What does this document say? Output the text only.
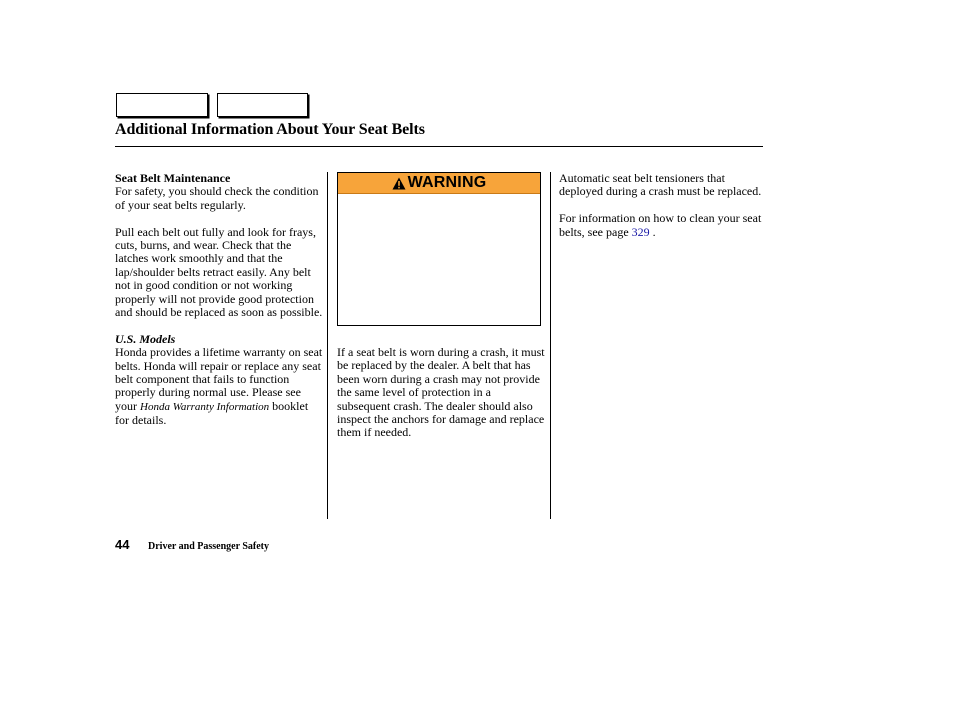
Additional Information About Your Seat Belts

Seat Belt Maintenance
For safety, you should check the condition of your seat belts regularly.

Pull each belt out fully and look for frays, cuts, burns, and wear. Check that the latches work smoothly and that the lap/shoulder belts retract easily. Any belt not in good condition or not working properly will not provide good protection and should be replaced as soon as possible.

U.S. Models
Honda provides a lifetime warranty on seat belts. Honda will repair or replace any seat belt component that fails to function properly during normal use. Please see your Honda Warranty Information booklet for details.

WARNING

If a seat belt is worn during a crash, it must be replaced by the dealer. A belt that has been worn during a crash may not provide the same level of protection in a subsequent crash. The dealer should also inspect the anchors for damage and replace them if needed.

Automatic seat belt tensioners that deployed during a crash must be replaced.

For information on how to clean your seat belts, see page 329 .

44 Driver and Passenger Safety
